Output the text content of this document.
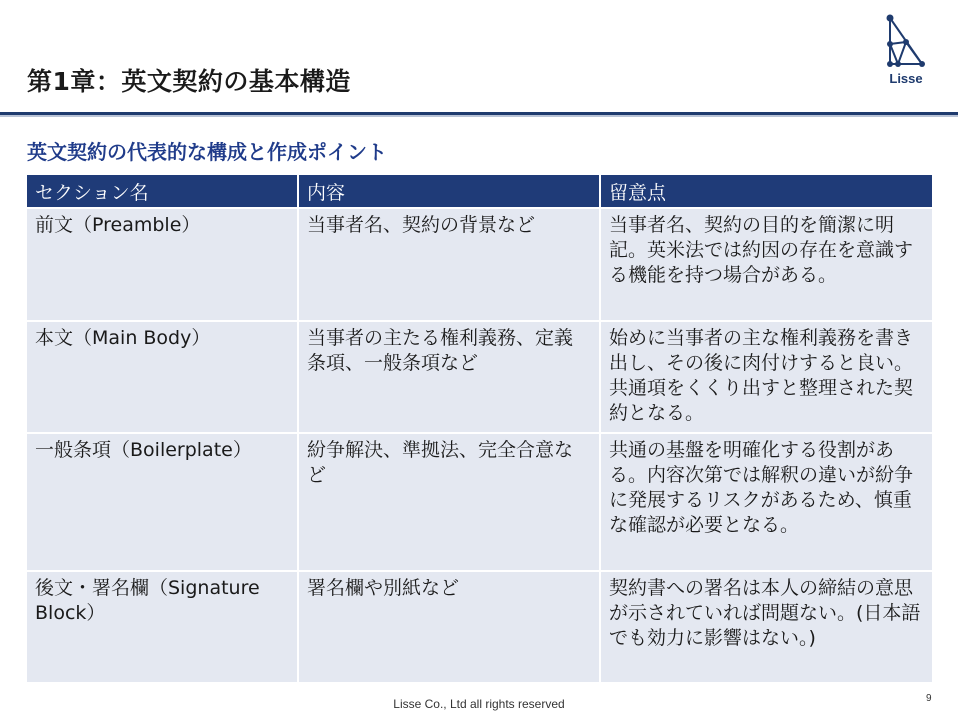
第1章：英文契約の基本構造	Lisse
英文契約の代表的な構成と作成ポイント
セクション名	内容	留意点
前文（Preamble）	当事者名、契約の背景など	当事者名、契約の目的を簡潔に明記。英米法では約因の存在を意識する機能を持つ場合がある。
本文（Main Body）	当事者の主たる権利義務、定義条項、一般条項など	始めに当事者の主な権利義務を書き出し、その後に肉付けすると良い。共通項をくくり出すと整理された契約となる。
一般条項（Boilerplate）	紛争解決、準拠法、完全合意など	共通の基盤を明確化する役割がある。内容次第では解釈の違いが紛争に発展するリスクがあるため、慎重な確認が必要となる。
後文・署名欄（Signature Block）	署名欄や別紙など	契約書への署名は本人の締結の意思が示されていれば問題ない。(日本語でも効力に影響はない。)
Lisse Co., Ltd all rights reserved	9
